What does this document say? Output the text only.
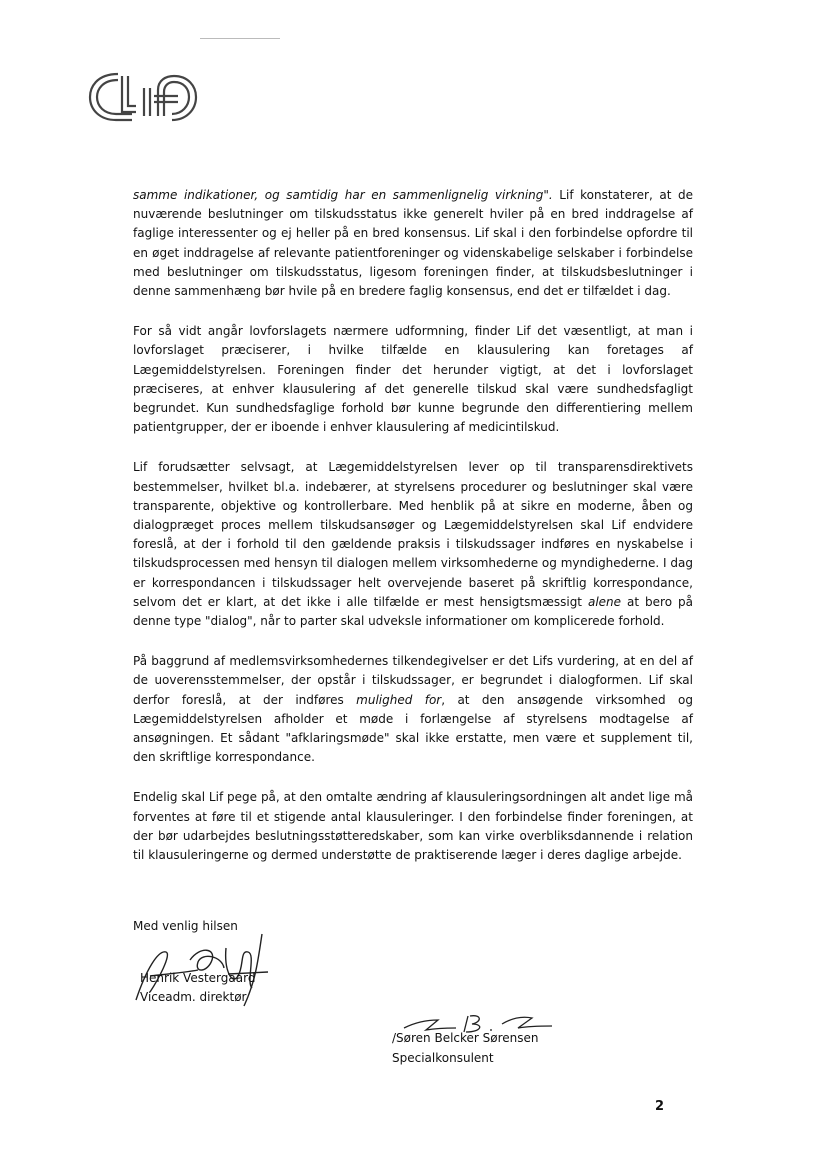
samme indikationer, og samtidig har en sammenlignelig virkning". Lif konstaterer, at de nuværende beslutninger om tilskudsstatus ikke generelt hviler på en bred inddragelse af faglige interessenter og ej heller på en bred konsensus. Lif skal i den forbindelse opfordre til en øget inddragelse af relevante patientforeninger og videnskabelige selskaber i forbindelse med beslutninger om tilskudsstatus, ligesom foreningen finder, at tilskudsbeslutninger i denne sammenhæng bør hvile på en bredere faglig konsensus, end det er tilfældet i dag.

For så vidt angår lovforslagets nærmere udformning, finder Lif det væsentligt, at man i lovforslaget præciserer, i hvilke tilfælde en klausulering kan foretages af Lægemiddelstyrelsen. Foreningen finder det herunder vigtigt, at det i lovforslaget præciseres, at enhver klausulering af det generelle tilskud skal være sundhedsfagligt begrundet. Kun sundhedsfaglige forhold bør kunne begrunde den differentiering mellem patientgrupper, der er iboende i enhver klausulering af medicintilskud.

Lif forudsætter selvsagt, at Lægemiddelstyrelsen lever op til transparensdirektivets bestemmelser, hvilket bl.a. indebærer, at styrelsens procedurer og beslutninger skal være transparente, objektive og kontrollerbare. Med henblik på at sikre en moderne, åben og dialogpræget proces mellem tilskudsansøger og Lægemiddelstyrelsen skal Lif endvidere foreslå, at der i forhold til den gældende praksis i tilskudssager indføres en nyskabelse i tilskudsprocessen med hensyn til dialogen mellem virksomhederne og myndighederne. I dag er korrespondancen i tilskudssager helt overvejende baseret på skriftlig korrespondance, selvom det er klart, at det ikke i alle tilfælde er mest hensigtsmæssigt alene at bero på denne type "dialog", når to parter skal udveksle informationer om komplicerede forhold.

På baggrund af medlemsvirksomhedernes tilkendegivelser er det Lifs vurdering, at en del af de uoverensstemmelser, der opstår i tilskudssager, er begrundet i dialogformen. Lif skal derfor foreslå, at der indføres mulighed for, at den ansøgende virksomhed og Lægemiddelstyrelsen afholder et møde i forlængelse af styrelsens modtagelse af ansøgningen. Et sådant "afklaringsmøde" skal ikke erstatte, men være et supplement til, den skriftlige korrespondance.

Endelig skal Lif pege på, at den omtalte ændring af klausuleringsordningen alt andet lige må forventes at føre til et stigende antal klausuleringer. I den forbindelse finder foreningen, at der bør udarbejdes beslutningsstøtteredskaber, som kan virke overbliksdannende i relation til klausuleringerne og dermed understøtte de praktiserende læger i deres daglige arbejde.

Med venlig hilsen
Henrik Vestergaard
Viceadm. direktør
/Søren Belcker Sørensen
Specialkonsulent
2
